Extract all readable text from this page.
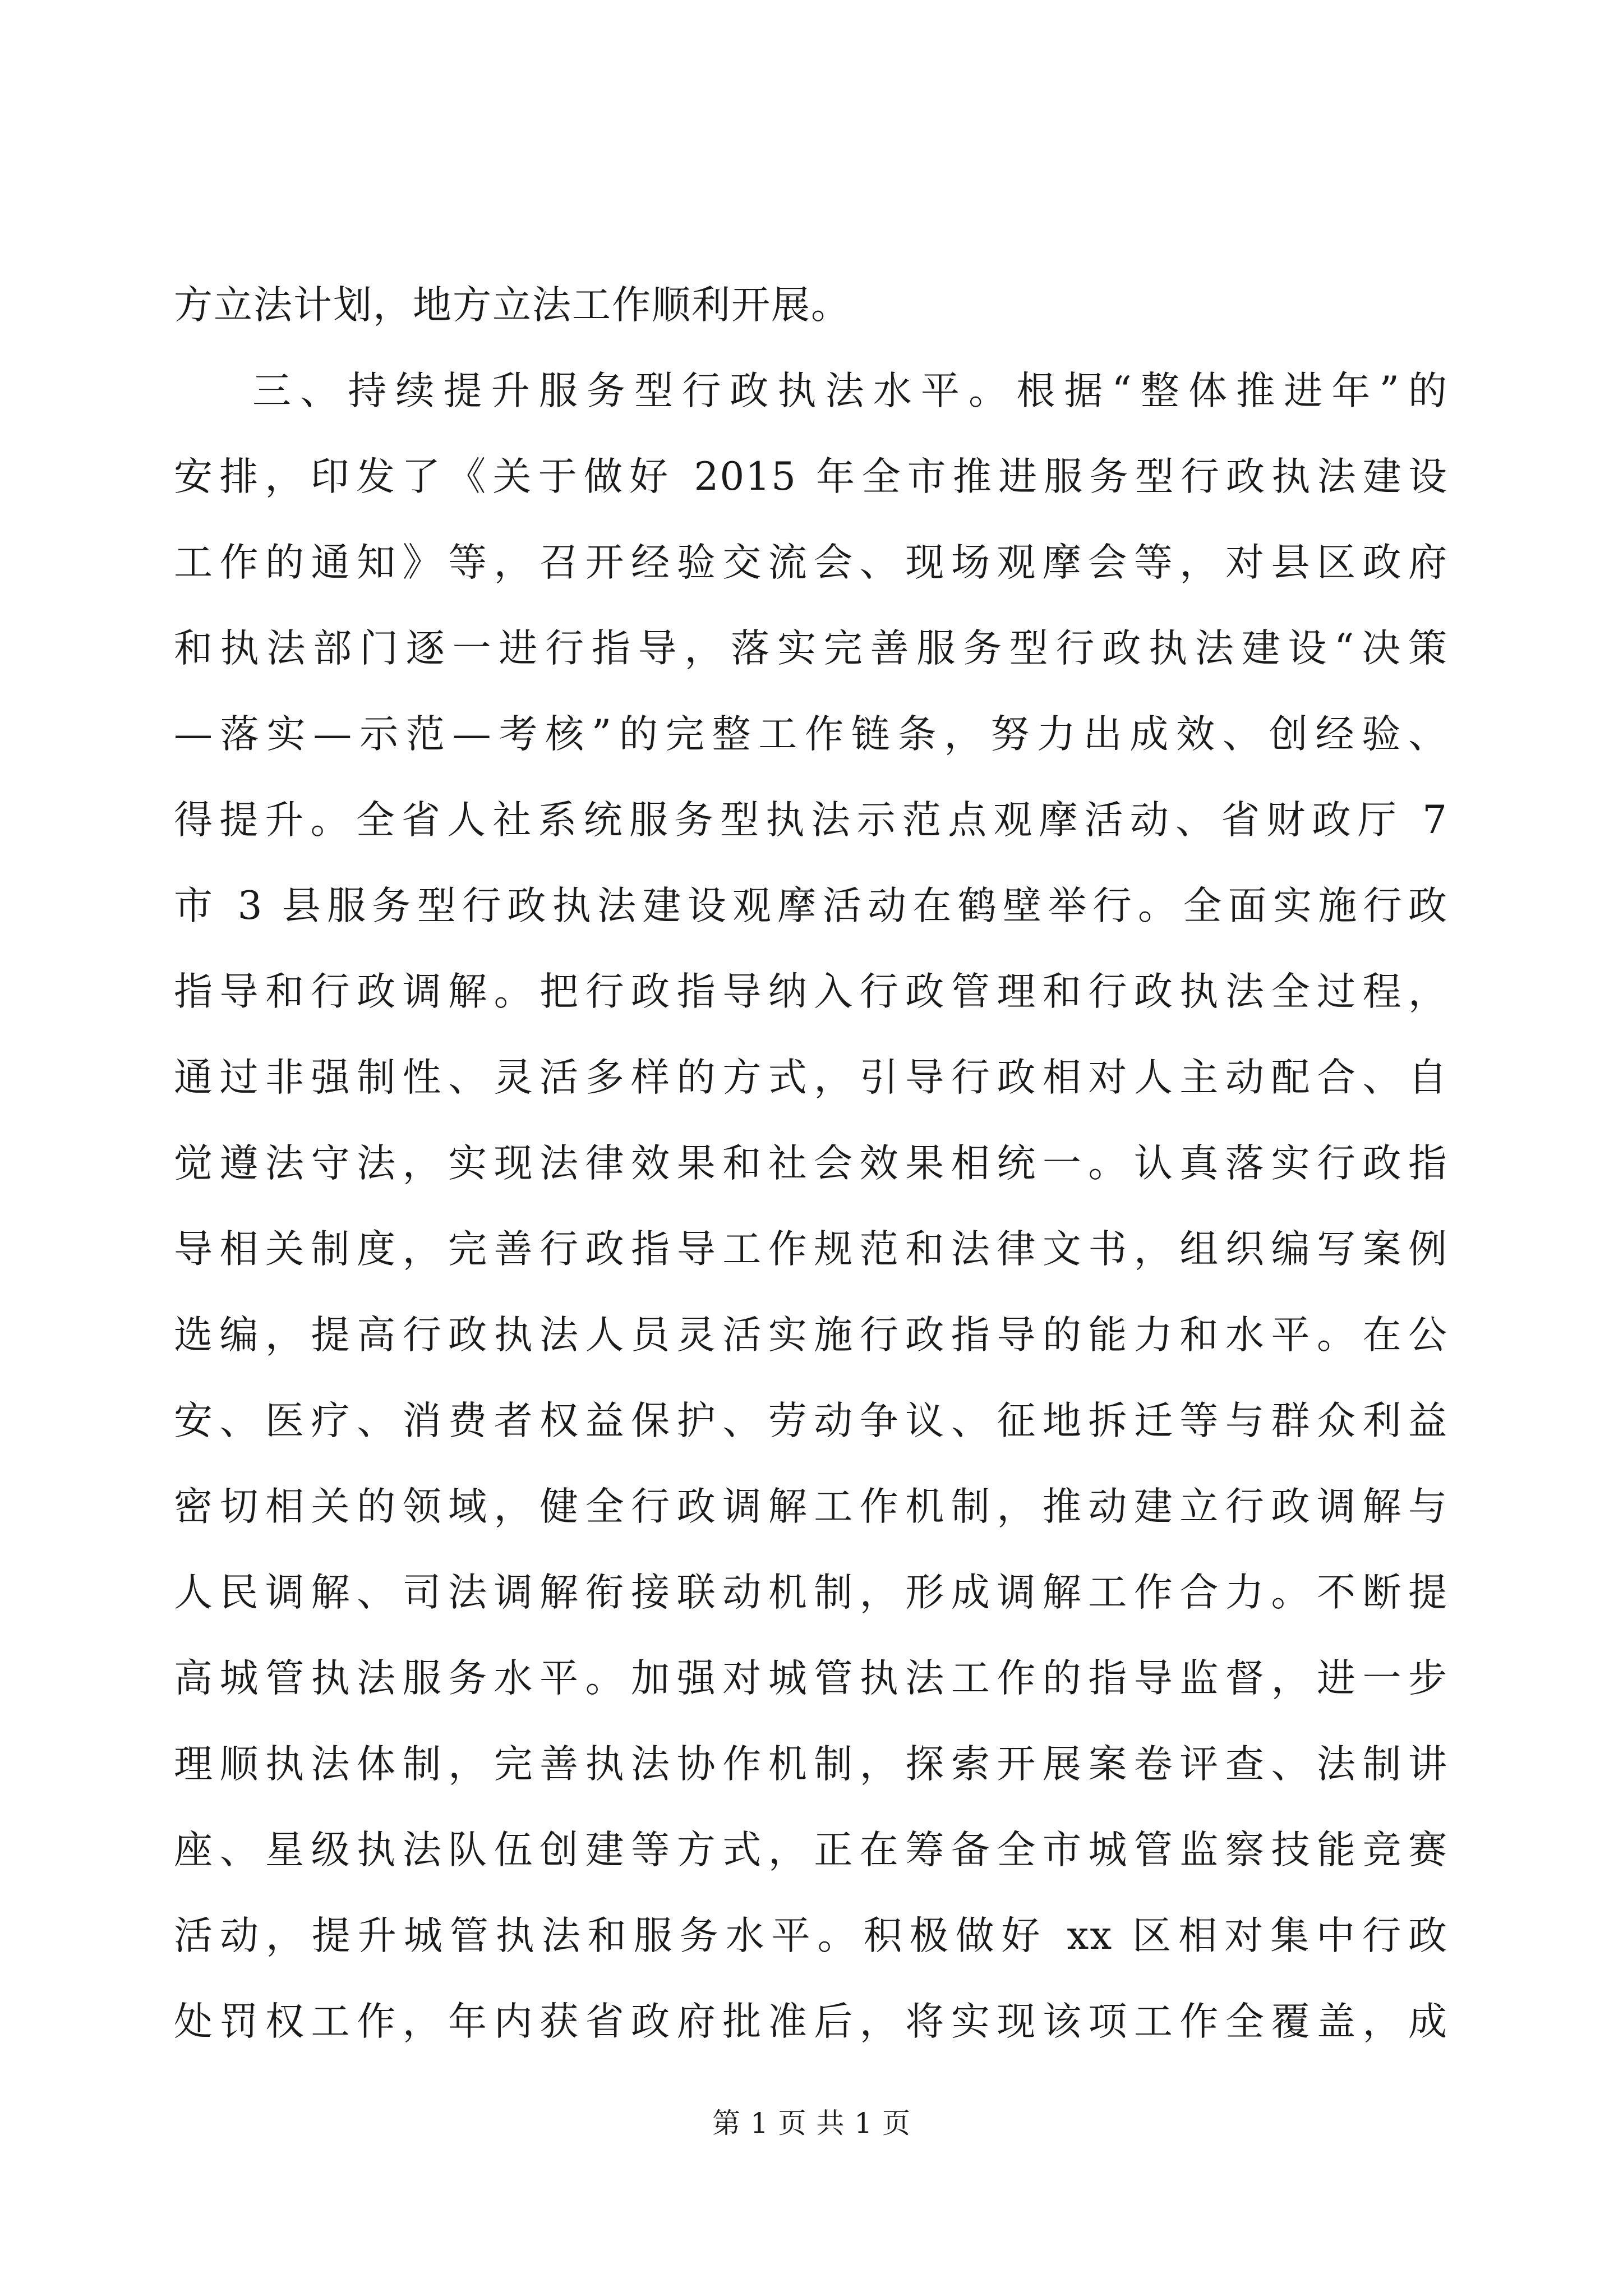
方立法计划，地方立法工作顺利开展。
三、持续提升服务型行政执法水平。根据“整体推进年”的
安排，印发了《关于做好 2015 年全市推进服务型行政执法建设
工作的通知》等，召开经验交流会、现场观摩会等，对县区政府
和执法部门逐一进行指导，落实完善服务型行政执法建设“决策
—落实—示范—考核”的完整工作链条，努力出成效、创经验、
得提升。全省人社系统服务型执法示范点观摩活动、省财政厅 7
市 3 县服务型行政执法建设观摩活动在鹤壁举行。全面实施行政
指导和行政调解。把行政指导纳入行政管理和行政执法全过程，
通过非强制性、灵活多样的方式，引导行政相对人主动配合、自
觉遵法守法，实现法律效果和社会效果相统一。认真落实行政指
导相关制度，完善行政指导工作规范和法律文书，组织编写案例
选编，提高行政执法人员灵活实施行政指导的能力和水平。在公
安、医疗、消费者权益保护、劳动争议、征地拆迁等与群众利益
密切相关的领域，健全行政调解工作机制，推动建立行政调解与
人民调解、司法调解衔接联动机制，形成调解工作合力。不断提
高城管执法服务水平。加强对城管执法工作的指导监督，进一步
理顺执法体制，完善执法协作机制，探索开展案卷评查、法制讲
座、星级执法队伍创建等方式，正在筹备全市城管监察技能竞赛
活动，提升城管执法和服务水平。积极做好 xx 区相对集中行政
处罚权工作，年内获省政府批准后，将实现该项工作全覆盖，成
第 1 页 共 1 页
